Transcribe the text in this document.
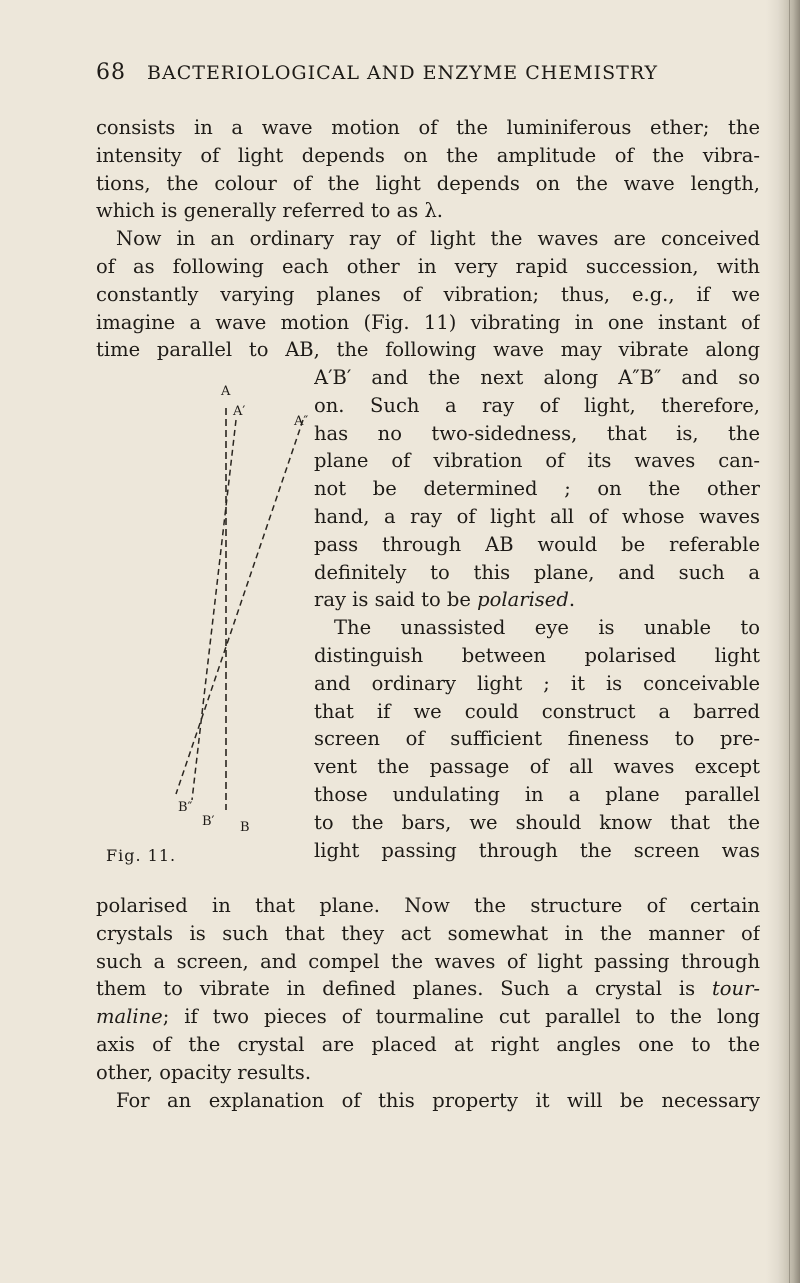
68 BACTERIOLOGICAL AND ENZYME CHEMISTRY
consists in a wave motion of the luminiferous ether; the
intensity of light depends on the amplitude of the vibra-
tions, the colour of the light depends on the wave length,
which is generally referred to as λ.
Now in an ordinary ray of light the waves are conceived
of as following each other in very rapid succession, with
constantly varying planes of vibration; thus, e.g., if we
imagine a wave motion (Fig. 11) vibrating in one instant of
time parallel to AB, the following wave may vibrate along
A′B′ and the next along A″B″ and so
on. Such a ray of light, therefore,
has no two-sidedness, that is, the
plane of vibration of its waves can-
not be determined ; on the other
hand, a ray of light all of whose waves
pass through AB would be referable
definitely to this plane, and such a
ray is said to be polarised.
The unassisted eye is unable to
distinguish between polarised light
and ordinary light ; it is conceivable
that if we could construct a barred
screen of sufficient fineness to pre-
vent the passage of all waves except
those undulating in a plane parallel
to the bars, we should know that the
light passing through the screen was
A
A′
A″
B″
B′ B
Fig. 11.
polarised in that plane. Now the structure of certain
crystals is such that they act somewhat in the manner of
such a screen, and compel the waves of light passing through
them to vibrate in defined planes. Such a crystal is tour-
maline; if two pieces of tourmaline cut parallel to the long
axis of the crystal are placed at right angles one to the
other, opacity results.
For an explanation of this property it will be necessary
